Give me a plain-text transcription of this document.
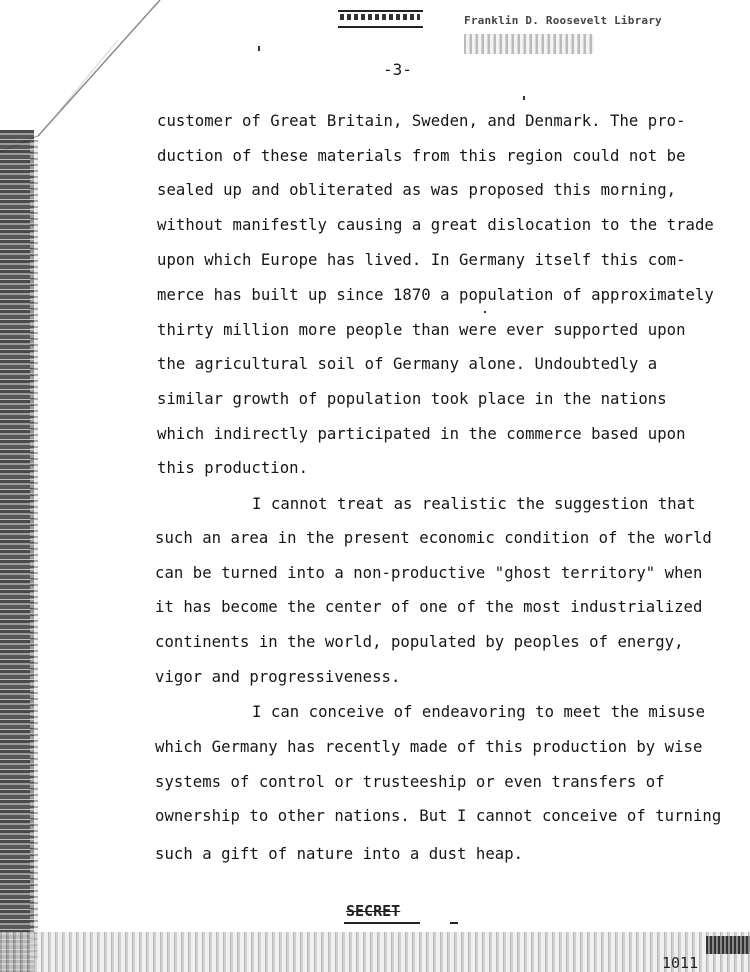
Franklin D. Roosevelt Library
-3-
customer of Great Britain, Sweden, and Denmark. The pro-
duction of these materials from this region could not be
sealed up and obliterated as was proposed this morning,
without manifestly causing a great dislocation to the trade
upon which Europe has lived. In Germany itself this com-
merce has built up since 1870 a population of approximately
thirty million more people than were ever supported upon
the agricultural soil of Germany alone. Undoubtedly a
similar growth of population took place in the nations
which indirectly participated in the commerce based upon
this production.
I cannot treat as realistic the suggestion that
such an area in the present economic condition of the world
can be turned into a non-productive "ghost territory" when
it has become the center of one of the most industrialized
continents in the world, populated by peoples of energy,
vigor and progressiveness.
I can conceive of endeavoring to meet the misuse
which Germany has recently made of this production by wise
systems of control or trusteeship or even transfers of
ownership to other nations. But I cannot conceive of turning
such a gift of nature into a dust heap.
SECRET
1011
